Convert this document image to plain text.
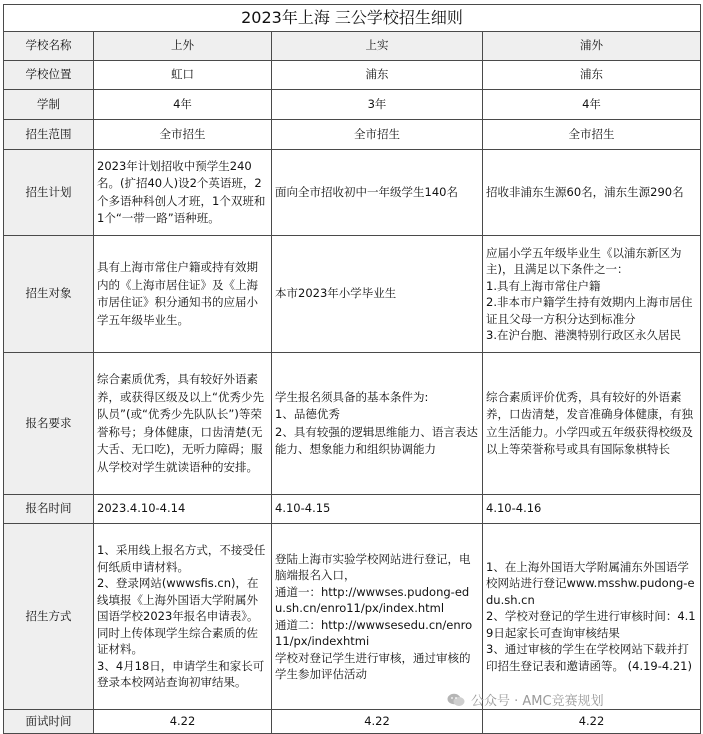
2023年上海 三公学校招生细则			
学校名称	上外	上实	浦外
学校位置	虹口	浦东	浦东
学制	4年	3年	4年
招生范围	全市招生	全市招生	全市招生
招生计划	2023年计划招收中预学生240名。(扩招40人)设2个英语班，2个多语种科创人才班，1个双班和1个“一带一路”语种班。	面向全市招收初中一年级学生140名	招收非浦东生源60名，浦东生源290名
招生对象	具有上海市常住户籍或持有效期内的《上海市居住证》及《上海市居住证》积分通知书的应届小学五年级毕业生。	本市2023年小学毕业生	应届小学五年级毕业生《以浦东新区为主)，且满足以下条件之一：
1.具有上海市常住户籍
2.非本市户籍学生持有效期内上海市居住证且父母一方积分达到标准分
3.在沪台胞、港澳特别行政区永久居民
报名要求	综合素质优秀，具有较好外语素养，或获得区级及以上“优秀少先队员”(或“优秀少先队队长”)等荣誉称号；身体健康，口齿清楚(无大舌、无口吃)，无听力障碍；服从学校对学生就读语种的安排。	学生报名须具备的基本条件为:
1、品德优秀
2、具有较强的逻辑思维能力、语言表达能力、想象能力和组织协调能力	综合素质评价优秀，具有较好的外语素养，口齿清楚，发音准确身体健康，有独立生活能力。小学四或五年级获得校级及以上等荣誉称号或具有国际象棋特长
报名时间	2023.4.10-4.14	4.10-4.15	4.10-4.16
招生方式	1、采用线上报名方式，不接受任何纸质申请材料。
2、登录网站(wwwsfis.cn)，在线填报《上海外国语大学附属外国语学校2023年报名申请表》。同时上传体现学生综合素质的佐证材料。
3、4月18日，申请学生和家长可登录本校网站查询初审结果。	登陆上海市实验学校网站进行登记，电脑端报名入口，
通道一：http://wwwses.pudong-edu.sh.cn/enro11/px/index.html
通道二：http://wwwsesedu.cn/enro11/px/indexhtmi
学校对登记学生进行审核，通过审核的学生参加评估活动	1、在上海外国语大学附属浦东外国语学校网站进行登记www.msshw.pudong-edu.sh.cn
2、学校对登记的学生进行审核时间：4.19日起家长可查询审核结果
3、通过审核的学生在学校网站下载并打印招生登记表和邀请函等。 (4.19-4.21)
面试时间	4.22	4.22	4.22
公众号 · AMC竞赛规划
